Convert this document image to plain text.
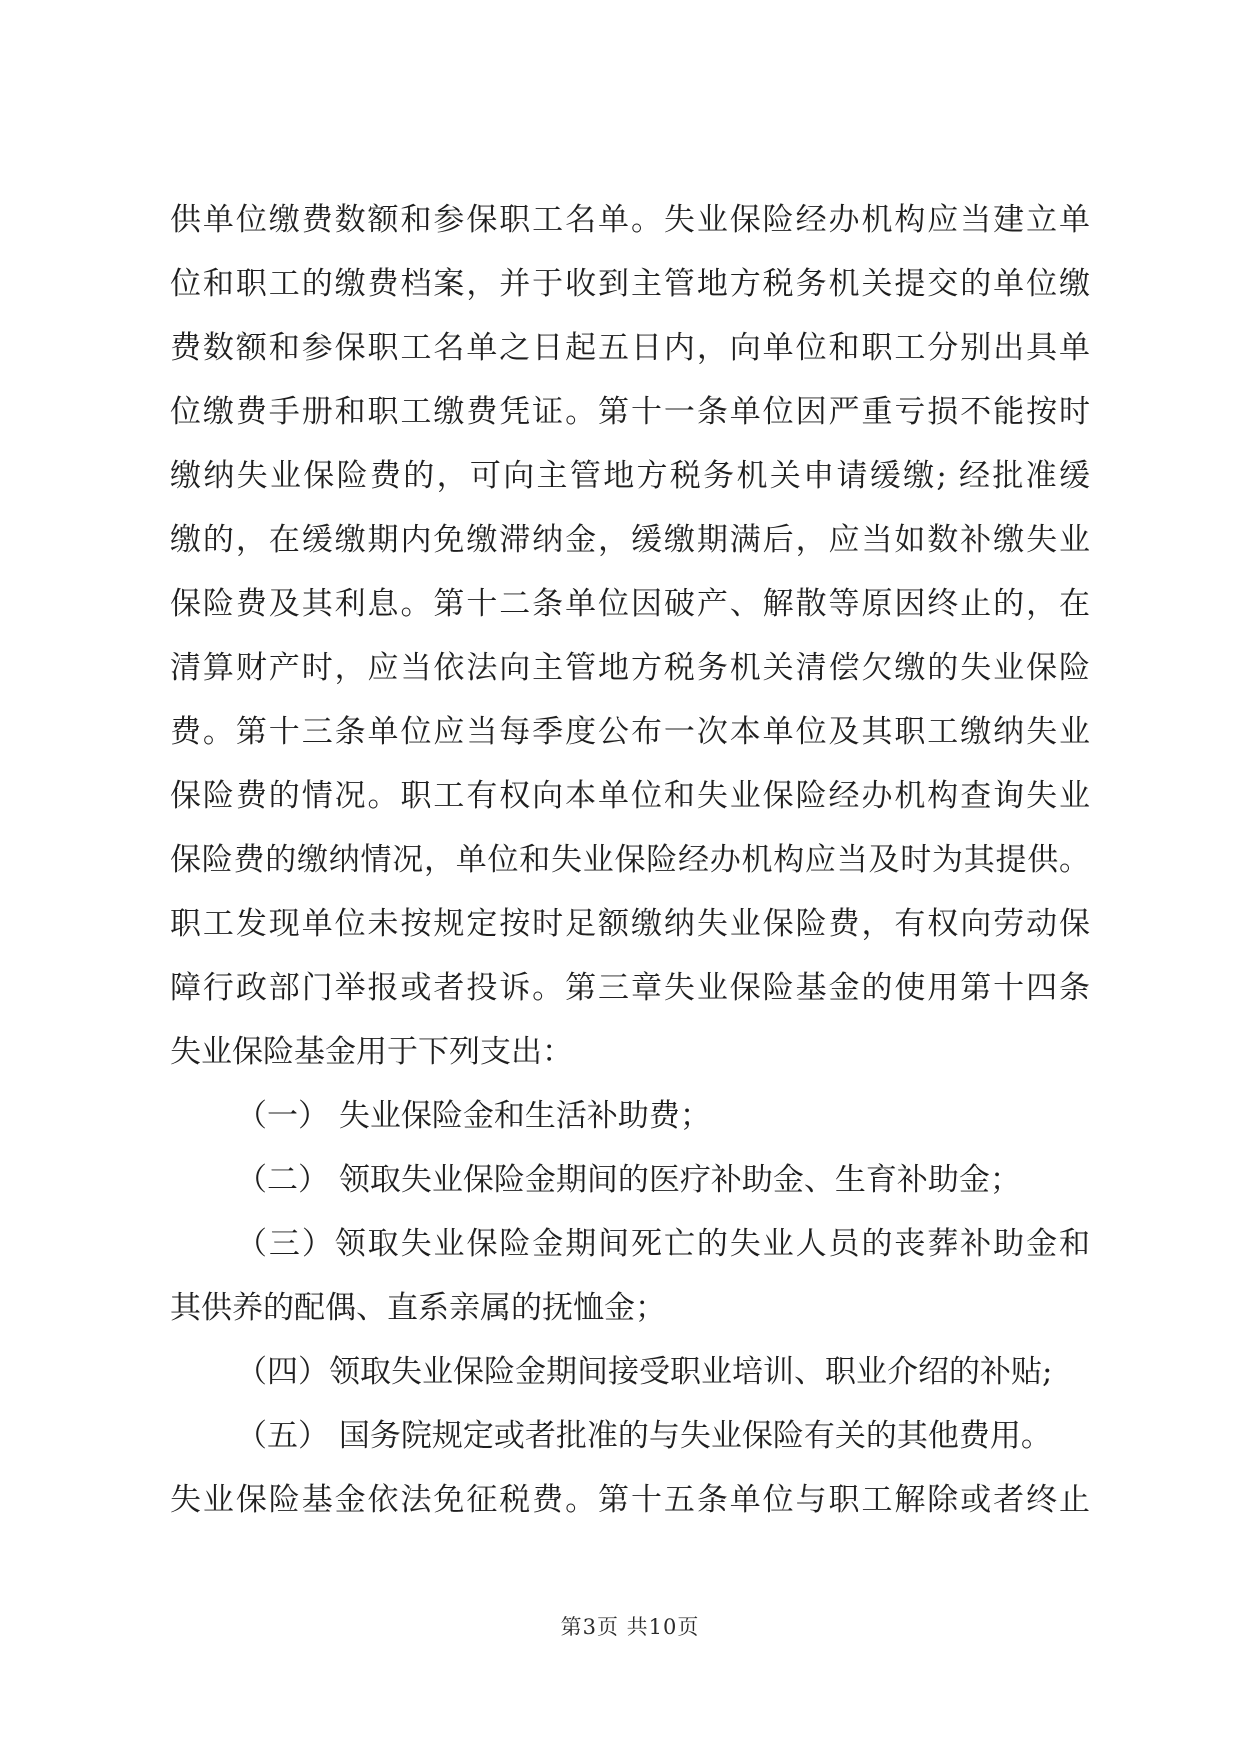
供单位缴费数额和参保职工名单。失业保险经办机构应当建立单
位和职工的缴费档案，并于收到主管地方税务机关提交的单位缴
费数额和参保职工名单之日起五日内，向单位和职工分别出具单
位缴费手册和职工缴费凭证。第十一条单位因严重亏损不能按时
缴纳失业保险费的，可向主管地方税务机关申请缓缴; 经批准缓
缴的，在缓缴期内免缴滞纳金，缓缴期满后，应当如数补缴失业
保险费及其利息。第十二条单位因破产、解散等原因终止的，在
清算财产时，应当依法向主管地方税务机关清偿欠缴的失业保险
费。第十三条单位应当每季度公布一次本单位及其职工缴纳失业
保险费的情况。职工有权向本单位和失业保险经办机构查询失业
保险费的缴纳情况，单位和失业保险经办机构应当及时为其提供。
职工发现单位未按规定按时足额缴纳失业保险费，有权向劳动保
障行政部门举报或者投诉。第三章失业保险基金的使用第十四条
失业保险基金用于下列支出：
（一） 失业保险金和生活补助费；
（二） 领取失业保险金期间的医疗补助金、生育补助金；
（三）领取失业保险金期间死亡的失业人员的丧葬补助金和
其供养的配偶、直系亲属的抚恤金；
（四）领取失业保险金期间接受职业培训、职业介绍的补贴;
（五） 国务院规定或者批准的与失业保险有关的其他费用。
失业保险基金依法免征税费。第十五条单位与职工解除或者终止
第3页 共10页
